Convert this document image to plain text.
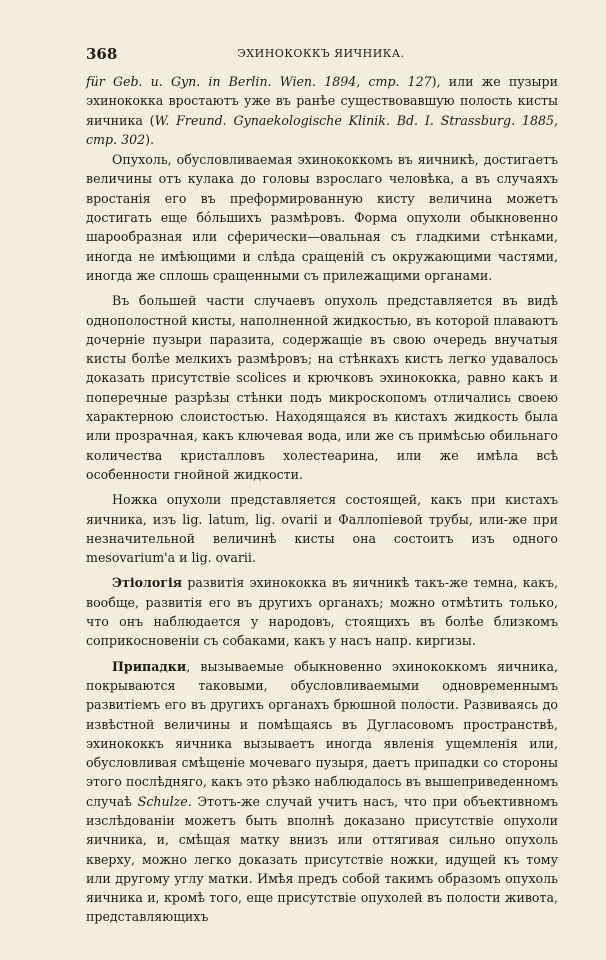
368	ЭХИНОКОККЪ ЯИЧНИКА.

für Geb. u. Gyn. in Berlin. Wien. 1894, стр. 127), или же пузыри эхинококка врoстаютъ уже въ ранѣе существовавшую полость кисты яичника (W. Freund. Gynaekologische Klinik. Bd. I. Strassburg. 1885, стр. 302).

Опухоль, обусловливаемая эхинококкомъ въ яичникѣ, достигаетъ величины отъ кулака до головы взрослаго человѣка, а въ случаяхъ врoстанія его въ преформированную кисту величина можетъ достигать еще бóльшихъ размѣровъ. Форма опухоли обыкновенно шарообразная или сферически—овальная съ гладкими стѣнками, иногда не имѣющими и слѣда сращеній съ окружающими частями, иногда же сплошь сращенными съ прилежащими органами.

Въ большей части случаевъ опухоль представляется въ видѣ однополостной кисты, наполненной жидкостью, въ которой плаваютъ дочерніе пузыри паразита, содержащіе въ свою очередь внучатыя кисты болѣе мелкихъ размѣровъ; на стѣнкахъ кистъ легко удавалось доказать присутствіе scolices и крючковъ эхинококка, равно какъ и поперечные разрѣзы стѣнки подъ микроскопомъ отличались своею характерною слоистостью. Находящаяся въ кистахъ жидкость была или прозрачная, какъ ключевая вода, или же съ примѣсью обильнаго количества кристалловъ холестеарина, или же имѣла всѣ особенности гнойной жидкости.

Ножка опухоли представляется состоящей, какъ при кистахъ яичника, изъ lig. latum, lig. ovarii и Фаллопіевой трубы, или-же при незначительной величинѣ кисты она состоитъ изъ одного mesovarium'a и lig. ovarii.

Этіологія развитія эхинококка въ яичникѣ такъ-же темна, какъ, вообще, развитія его въ другихъ органахъ; можно отмѣтить только, что онъ наблюдается у народовъ, стоящихъ въ болѣе близкомъ соприкосновеніи съ собаками, какъ у насъ напр. киргизы.

Припадки, вызываемые обыкновенно эхинококкомъ яичника, покрываются таковыми, обусловливаемыми одновременнымъ развитіемъ его въ другихъ органахъ брюшной полости. Развиваясь до извѣстной величины и помѣщаясь въ Дугласовомъ пространствѣ, эхинококкъ яичника вызываетъ иногда явленія ущемленія или, обусловливая смѣщеніе мочеваго пузыря, даетъ припадки со стороны этого послѣдняго, какъ это рѣзко наблюдалось въ вышеприведенномъ случаѣ Schulze. Этотъ-же случай учитъ насъ, что при объективномъ изслѣдованіи можетъ быть вполнѣ доказано присутствіе опухоли яичника, и, смѣщая матку внизъ или оттягивая сильно опухоль кверху, можно легко доказать присутствіе ножки, идущей къ тому или другому углу матки. Имѣя предъ собой такимъ образомъ опухоль яичника и, кромѣ того, еще присутствіе опухолей въ полости живота, представляющихъ
